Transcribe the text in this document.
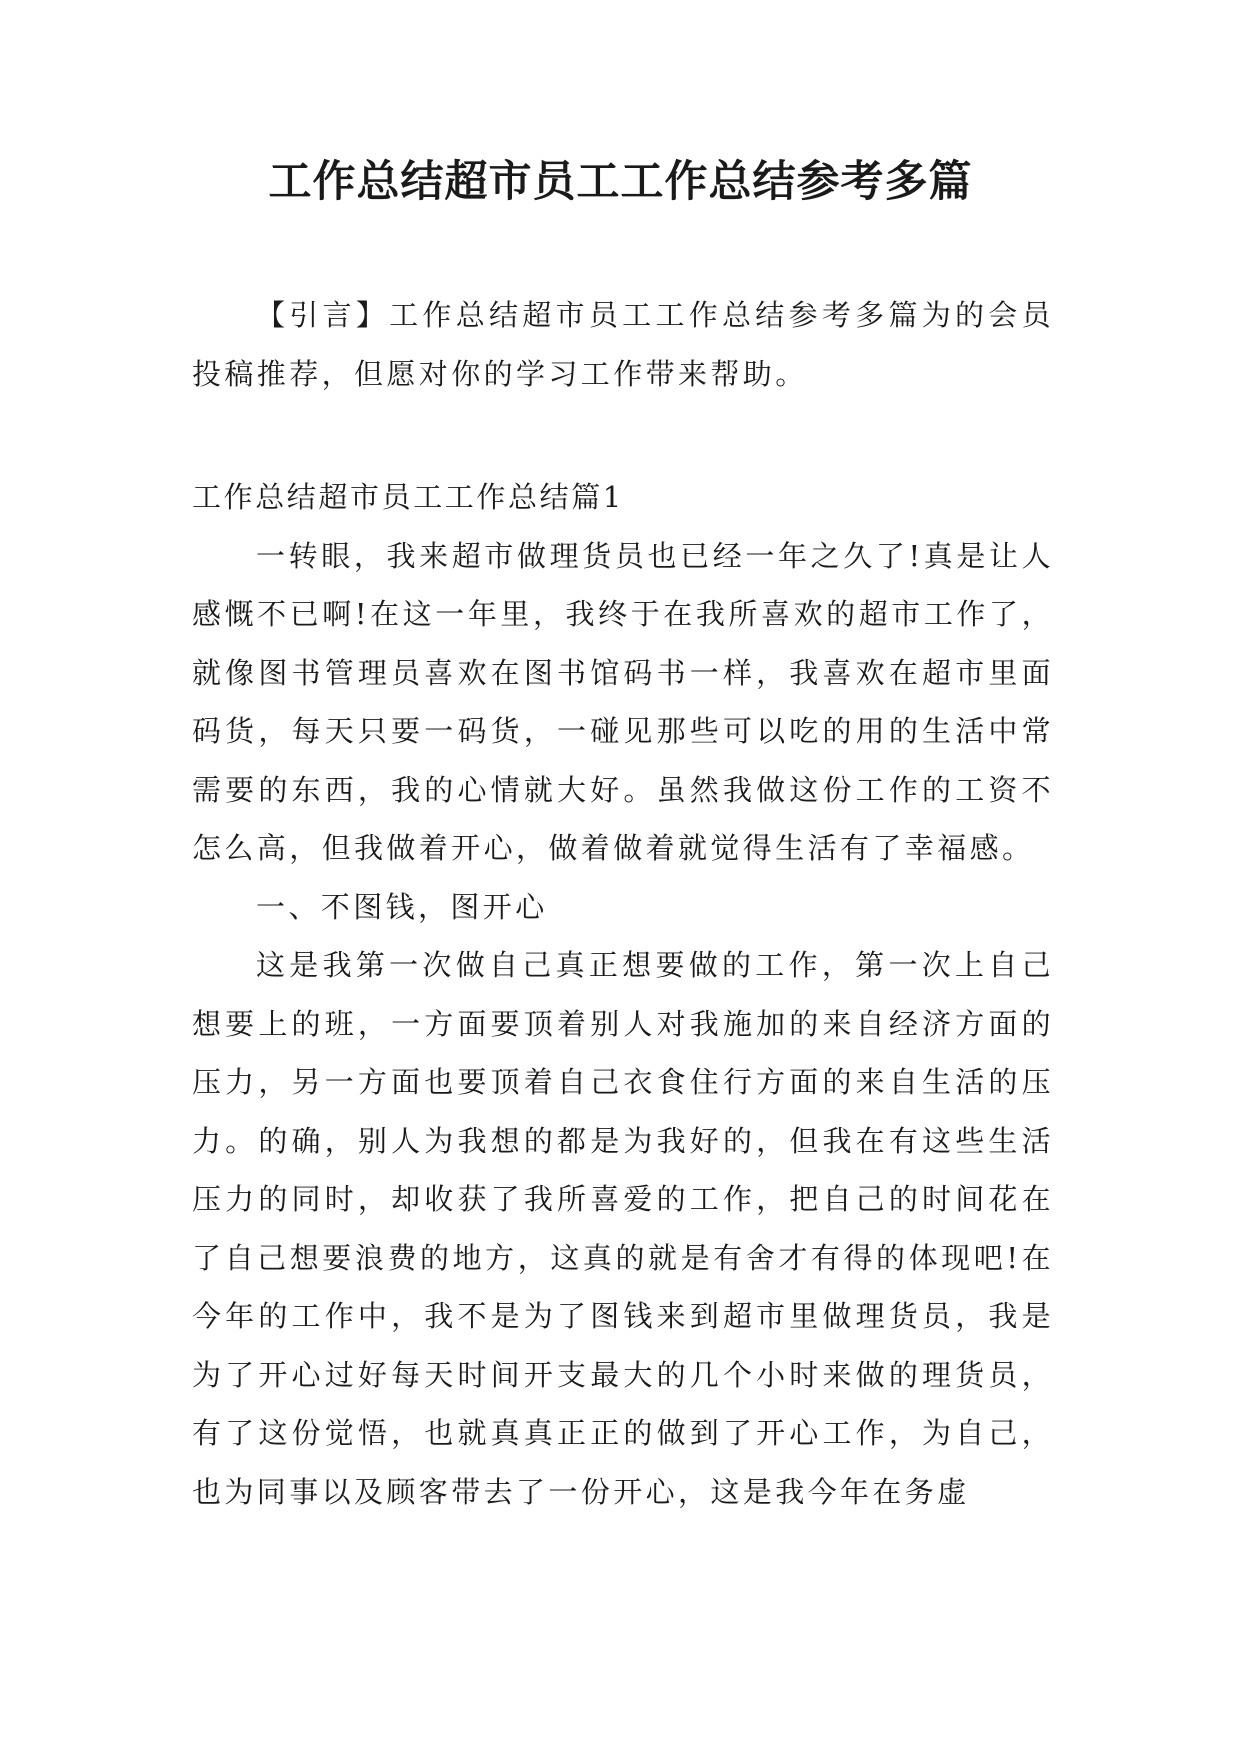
工作总结超市员工工作总结参考多篇

【引言】工作总结超市员工工作总结参考多篇为的会员投稿推荐，但愿对你的学习工作带来帮助。

工作总结超市员工工作总结篇1

一转眼，我来超市做理货员也已经一年之久了!真是让人感慨不已啊!在这一年里，我终于在我所喜欢的超市工作了，就像图书管理员喜欢在图书馆码书一样，我喜欢在超市里面码货，每天只要一码货，一碰见那些可以吃的用的生活中常需要的东西，我的心情就大好。虽然我做这份工作的工资不怎么高，但我做着开心，做着做着就觉得生活有了幸福感。

一、不图钱，图开心

这是我第一次做自己真正想要做的工作，第一次上自己想要上的班，一方面要顶着别人对我施加的来自经济方面的压力，另一方面也要顶着自己衣食住行方面的来自生活的压力。的确，别人为我想的都是为我好的，但我在有这些生活压力的同时，却收获了我所喜爱的工作，把自己的时间花在了自己想要浪费的地方，这真的就是有舍才有得的体现吧!在今年的工作中，我不是为了图钱来到超市里做理货员，我是为了开心过好每天时间开支最大的几个小时来做的理货员，有了这份觉悟，也就真真正正的做到了开心工作，为自己，也为同事以及顾客带去了一份开心，这是我今年在务虚
